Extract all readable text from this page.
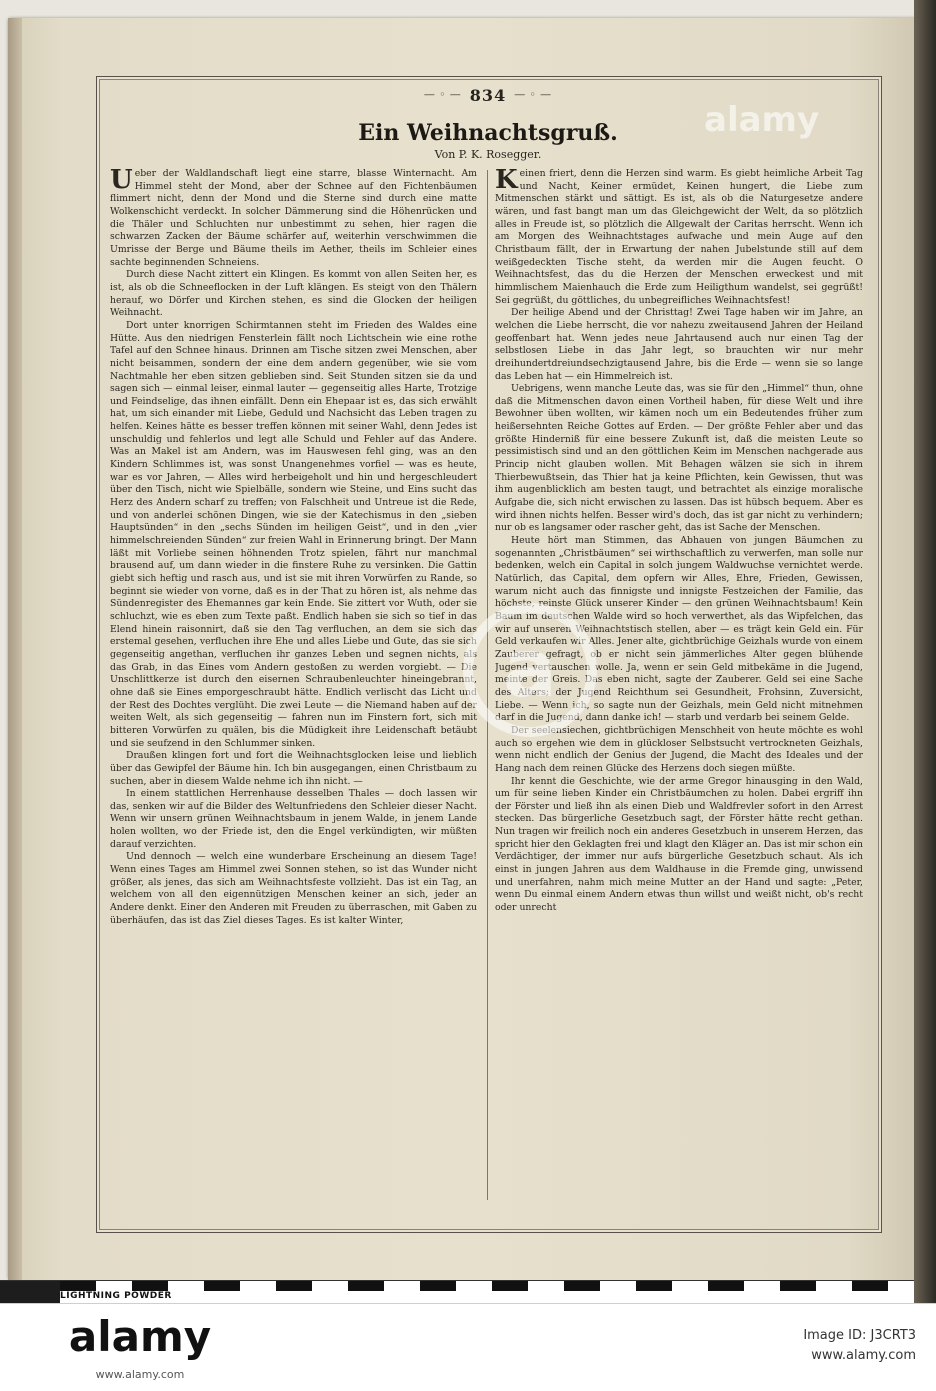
— ◦ — 834 — ◦ —
Ein Weihnachtsgruß.
Von P. K. Rosegger.

Ueber der Waldlandschaft liegt eine starre, blasse Winternacht. Am Himmel steht der Mond, aber der Schnee auf den Fichtenbäumen flimmert nicht, denn der Mond und die Sterne sind durch eine matte Wolkenschicht verdeckt. In solcher Dämmerung sind die Höhenrücken und die Thäler und Schluchten nur unbestimmt zu sehen, hier ragen die schwarzen Zacken der Bäume schärfer auf, weiterhin verschwimmen die Umrisse der Berge und Bäume theils im Aether, theils im Schleier eines sachte beginnenden Schneiens.

Durch diese Nacht zittert ein Klingen. Es kommt von allen Seiten her, es ist, als ob die Schneeflocken in der Luft klängen. Es steigt von den Thälern herauf, wo Dörfer und Kirchen stehen, es sind die Glocken der heiligen Weihnacht.

Dort unter knorrigen Schirmtannen steht im Frieden des Waldes eine Hütte. Aus den niedrigen Fensterlein fällt noch Lichtschein wie eine rothe Tafel auf den Schnee hinaus. Drinnen am Tische sitzen zwei Menschen, aber nicht beisammen, sondern der eine dem andern gegenüber, wie sie vom Nachtmahle her eben sitzen geblieben sind. Seit Stunden sitzen sie da und sagen sich — einmal leiser, einmal lauter — gegenseitig alles Harte, Trotzige und Feindselige, das ihnen einfällt. Denn ein Ehepaar ist es, das sich erwählt hat, um sich einander mit Liebe, Geduld und Nachsicht das Leben tragen zu helfen. Keines hätte es besser treffen können mit seiner Wahl, denn Jedes ist unschuldig und fehlerlos und legt alle Schuld und Fehler auf das Andere. Was an Makel ist am Andern, was im Hauswesen fehl ging, was an den Kindern Schlimmes ist, was sonst Unangenehmes vorfiel — was es heute, war es vor Jahren, — Alles wird herbeigeholt und hin und hergeschleudert über den Tisch, nicht wie Spielbälle, sondern wie Steine, und Eins sucht das Herz des Andern scharf zu treffen; von Falschheit und Untreue ist die Rede, und von anderlei schönen Dingen, wie sie der Katechismus in den „sieben Hauptsünden“ in den „sechs Sünden im heiligen Geist“, und in den „vier himmelschreienden Sünden“ zur freien Wahl in Erinnerung bringt. Der Mann läßt mit Vorliebe seinen höhnenden Trotz spielen, fährt nur manchmal brausend auf, um dann wieder in die finstere Ruhe zu versinken. Die Gattin giebt sich heftig und rasch aus, und ist sie mit ihren Vorwürfen zu Rande, so beginnt sie wieder von vorne, daß es in der That zu hören ist, als nehme das Sündenregister des Ehemannes gar kein Ende. Sie zittert vor Wuth, oder sie schluchzt, wie es eben zum Texte paßt. Endlich haben sie sich so tief in das Elend hinein raisonnirt, daß sie den Tag verfluchen, an dem sie sich das erstemal gesehen, verfluchen ihre Ehe und alles Liebe und Gute, das sie sich gegenseitig angethan, verfluchen ihr ganzes Leben und segnen nichts, als das Grab, in das Eines vom Andern gestoßen zu werden vorgiebt. — Die Unschlittkerze ist durch den eisernen Schraubenleuchter hineingebrannt, ohne daß sie Eines emporgeschraubt hätte. Endlich verlischt das Licht und der Rest des Dochtes verglüht. Die zwei Leute — die Niemand haben auf der weiten Welt, als sich gegenseitig — fahren nun im Finstern fort, sich mit bitteren Vorwürfen zu quälen, bis die Müdigkeit ihre Leidenschaft betäubt und sie seufzend in den Schlummer sinken.

Draußen klingen fort und fort die Weihnachtsglocken leise und lieblich über das Gewipfel der Bäume hin. Ich bin ausgegangen, einen Christbaum zu suchen, aber in diesem Walde nehme ich ihn nicht. —

In einem stattlichen Herrenhause desselben Thales — doch lassen wir das, senken wir auf die Bilder des Weltunfriedens den Schleier dieser Nacht. Wenn wir unsern grünen Weihnachtsbaum in jenem Walde, in jenem Lande holen wollten, wo der Friede ist, den die Engel verkündigten, wir müßten darauf verzichten.

Und dennoch — welch eine wunderbare Erscheinung an diesem Tage! Wenn eines Tages am Himmel zwei Sonnen stehen, so ist das Wunder nicht größer, als jenes, das sich am Weihnachtsfeste vollzieht. Das ist ein Tag, an welchem von all den eigennützigen Menschen keiner an sich, jeder an Andere denkt. Einer den Anderen mit Freuden zu überraschen, mit Gaben zu überhäufen, das ist das Ziel dieses Tages. Es ist kalter Winter,

Keinen friert, denn die Herzen sind warm. Es giebt heimliche Arbeit Tag und Nacht, Keiner ermüdet, Keinen hungert, die Liebe zum Mitmenschen stärkt und sättigt. Es ist, als ob die Naturgesetze andere wären, und fast bangt man um das Gleichgewicht der Welt, da so plötzlich alles in Freude ist, so plötzlich die Allgewalt der Caritas herrscht. Wenn ich am Morgen des Weihnachtstages aufwache und mein Auge auf den Christbaum fällt, der in Erwartung der nahen Jubelstunde still auf dem weißgedeckten Tische steht, da werden mir die Augen feucht. O Weihnachtsfest, das du die Herzen der Menschen erweckest und mit himmlischem Maienhauch die Erde zum Heiligthum wandelst, sei gegrüßt! Sei gegrüßt, du göttliches, du unbegreifliches Weihnachtsfest!

Der heilige Abend und der Christtag! Zwei Tage haben wir im Jahre, an welchen die Liebe herrscht, die vor nahezu zweitausend Jahren der Heiland geoffenbart hat. Wenn jedes neue Jahrtausend auch nur einen Tag der selbstlosen Liebe in das Jahr legt, so brauchten wir nur mehr dreihundertdreiundsechzigtausend Jahre, bis die Erde — wenn sie so lange das Leben hat — ein Himmelreich ist.

Uebrigens, wenn manche Leute das, was sie für den „Himmel“ thun, ohne daß die Mitmenschen davon einen Vortheil haben, für diese Welt und ihre Bewohner üben wollten, wir kämen noch um ein Bedeutendes früher zum heißersehnten Reiche Gottes auf Erden. — Der größte Fehler aber und das größte Hinderniß für eine bessere Zukunft ist, daß die meisten Leute so pessimistisch sind und an den göttlichen Keim im Menschen nachgerade aus Princip nicht glauben wollen. Mit Behagen wälzen sie sich in ihrem Thierbewußtsein, das Thier hat ja keine Pflichten, kein Gewissen, thut was ihm augenblicklich am besten taugt, und betrachtet als einzige moralische Aufgabe die, sich nicht erwischen zu lassen. Das ist hübsch bequem. Aber es wird ihnen nichts helfen. Besser wird's doch, das ist gar nicht zu verhindern; nur ob es langsamer oder rascher geht, das ist Sache der Menschen.

Heute hört man Stimmen, das Abhauen von jungen Bäumchen zu sogenannten „Christbäumen“ sei wirthschaftlich zu verwerfen, man solle nur bedenken, welch ein Capital in solch jungem Waldwuchse vernichtet werde. Natürlich, das Capital, dem opfern wir Alles, Ehre, Frieden, Gewissen, warum nicht auch das finnigste und innigste Festzeichen der Familie, das höchste, reinste Glück unserer Kinder — den grünen Weihnachtsbaum! Kein Baum im deutschen Walde wird so hoch verwerthet, als das Wipfelchen, das wir auf unseren Weihnachtstisch stellen, aber — es trägt kein Geld ein. Für Geld verkaufen wir Alles. Jener alte, gichtbrüchige Geizhals wurde von einem Zauberer gefragt, ob er nicht sein jämmerliches Alter gegen blühende Jugend vertauschen wolle. Ja, wenn er sein Geld mitbekäme in die Jugend, meinte der Greis. Das eben nicht, sagte der Zauberer. Geld sei eine Sache des Alters; der Jugend Reichthum sei Gesundheit, Frohsinn, Zuversicht, Liebe. — Wenn ich, so sagte nun der Geizhals, mein Geld nicht mitnehmen darf in die Jugend, dann danke ich! — starb und verdarb bei seinem Gelde.

Der seelensiechen, gichtbrüchigen Menschheit von heute möchte es wohl auch so ergehen wie dem in glückloser Selbstsucht vertrockneten Geizhals, wenn nicht endlich der Genius der Jugend, die Macht des Ideales und der Hang nach dem reinen Glücke des Herzens doch siegen müßte.

Ihr kennt die Geschichte, wie der arme Gregor hinausging in den Wald, um für seine lieben Kinder ein Christbäumchen zu holen. Dabei ergriff ihn der Förster und ließ ihn als einen Dieb und Waldfrevler sofort in den Arrest stecken. Das bürgerliche Gesetzbuch sagt, der Förster hätte recht gethan. Nun tragen wir freilich noch ein anderes Gesetzbuch in unserem Herzen, das spricht hier den Geklagten frei und klagt den Kläger an. Das ist mir schon ein Verdächtiger, der immer nur aufs bürgerliche Gesetzbuch schaut. Als ich einst in jungen Jahren aus dem Waldhause in die Fremde ging, unwissend und unerfahren, nahm mich meine Mutter an der Hand und sagte: „Peter, wenn Du einmal einem Andern etwas thun willst und weißt nicht, ob's recht oder unrecht

alamy
a
LIGHTNING POWDER
alamy
www.alamy.com
Image ID: J3CRT3
www.alamy.com
